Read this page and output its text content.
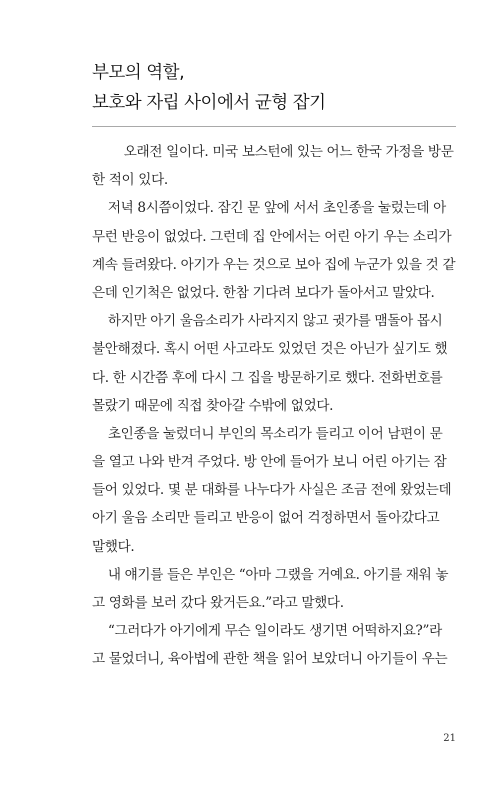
부모의 역할,
보호와 자립 사이에서 균형 잡기
오래전 일이다. 미국 보스턴에 있는 어느 한국 가정을 방문
한 적이 있다.
저녁 8시쯤이었다. 잠긴 문 앞에 서서 초인종을 눌렀는데 아
무런 반응이 없었다. 그런데 집 안에서는 어린 아기 우는 소리가
계속 들려왔다. 아기가 우는 것으로 보아 집에 누군가 있을 것 같
은데 인기척은 없었다. 한참 기다려 보다가 돌아서고 말았다.
하지만 아기 울음소리가 사라지지 않고 귓가를 맴돌아 몹시
불안해졌다. 혹시 어떤 사고라도 있었던 것은 아닌가 싶기도 했
다. 한 시간쯤 후에 다시 그 집을 방문하기로 했다. 전화번호를
몰랐기 때문에 직접 찾아갈 수밖에 없었다.
초인종을 눌렀더니 부인의 목소리가 들리고 이어 남편이 문
을 열고 나와 반겨 주었다. 방 안에 들어가 보니 어린 아기는 잠
들어 있었다. 몇 분 대화를 나누다가 사실은 조금 전에 왔었는데
아기 울음 소리만 들리고 반응이 없어 걱정하면서 돌아갔다고
말했다.
내 얘기를 들은 부인은 “아마 그랬을 거예요. 아기를 재워 놓
고 영화를 보러 갔다 왔거든요.”라고 말했다.
“그러다가 아기에게 무슨 일이라도 생기면 어떡하지요?”라
고 물었더니, 육아법에 관한 책을 읽어 보았더니 아기들이 우는
21
